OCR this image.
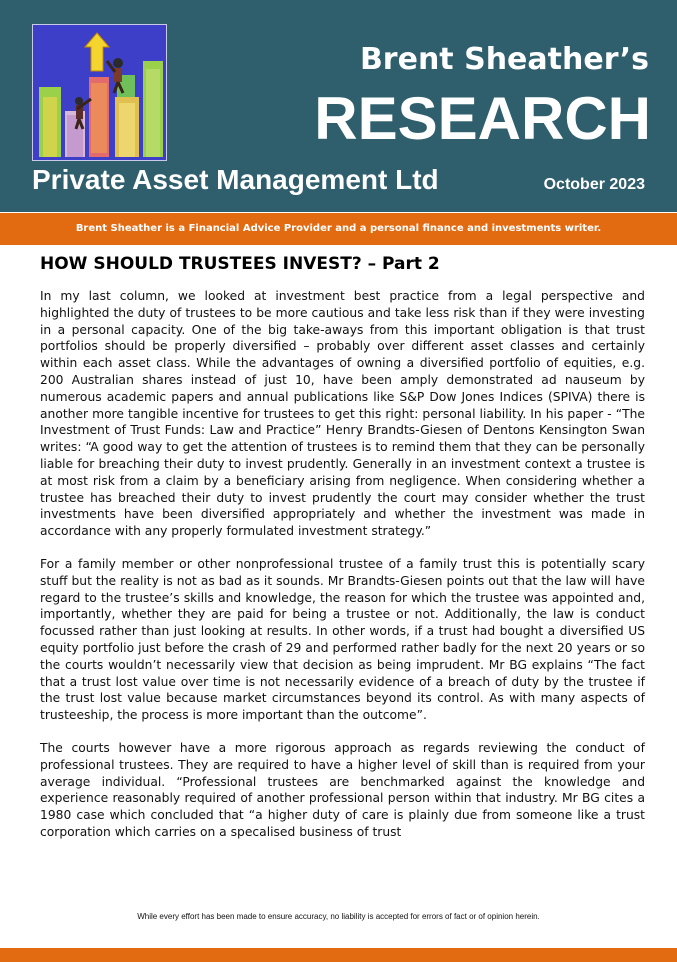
Brent Sheather’s
RESEARCH
Private Asset Management Ltd	October 2023
Brent Sheather is a Financial Advice Provider and a personal finance and investments writer.
HOW SHOULD TRUSTEES INVEST? – Part 2

In my last column, we looked at investment best practice from a legal perspective and highlighted the duty of trustees to be more cautious and take less risk than if they were investing in a personal capacity. One of the big take-aways from this important obligation is that trust portfolios should be properly diversified – probably over different asset classes and certainly within each asset class. While the advantages of owning a diversified portfolio of equities, e.g. 200 Australian shares instead of just 10, have been amply demonstrated ad nauseum by numerous academic papers and annual publications like S&P Dow Jones Indices (SPIVA) there is another more tangible incentive for trustees to get this right: personal liability. In his paper - “The Investment of Trust Funds: Law and Practice” Henry Brandts-Giesen of Dentons Kensington Swan writes: “A good way to get the attention of trustees is to remind them that they can be personally liable for breaching their duty to invest prudently. Generally in an investment context a trustee is at most risk from a claim by a beneficiary arising from negligence. When considering whether a trustee has breached their duty to invest prudently the court may consider whether the trust investments have been diversified appropriately and whether the investment was made in accordance with any properly formulated investment strategy.”

For a family member or other nonprofessional trustee of a family trust this is potentially scary stuff but the reality is not as bad as it sounds. Mr Brandts-Giesen points out that the law will have regard to the trustee’s skills and knowledge, the reason for which the trustee was appointed and, importantly, whether they are paid for being a trustee or not. Additionally, the law is conduct focussed rather than just looking at results. In other words, if a trust had bought a diversified US equity portfolio just before the crash of 29 and performed rather badly for the next 20 years or so the courts wouldn’t necessarily view that decision as being imprudent. Mr BG explains “The fact that a trust lost value over time is not necessarily evidence of a breach of duty by the trustee if the trust lost value because market circumstances beyond its control. As with many aspects of trusteeship, the process is more important than the outcome”.

The courts however have a more rigorous approach as regards reviewing the conduct of professional trustees. They are required to have a higher level of skill than is required from your average individual. “Professional trustees are benchmarked against the knowledge and experience reasonably required of another professional person within that industry. Mr BG cites a 1980 case which concluded that “a higher duty of care is plainly due from someone like a trust corporation which carries on a specalised business of trust

While every effort has been made to ensure accuracy, no liability is accepted for errors of fact or of opinion herein.
